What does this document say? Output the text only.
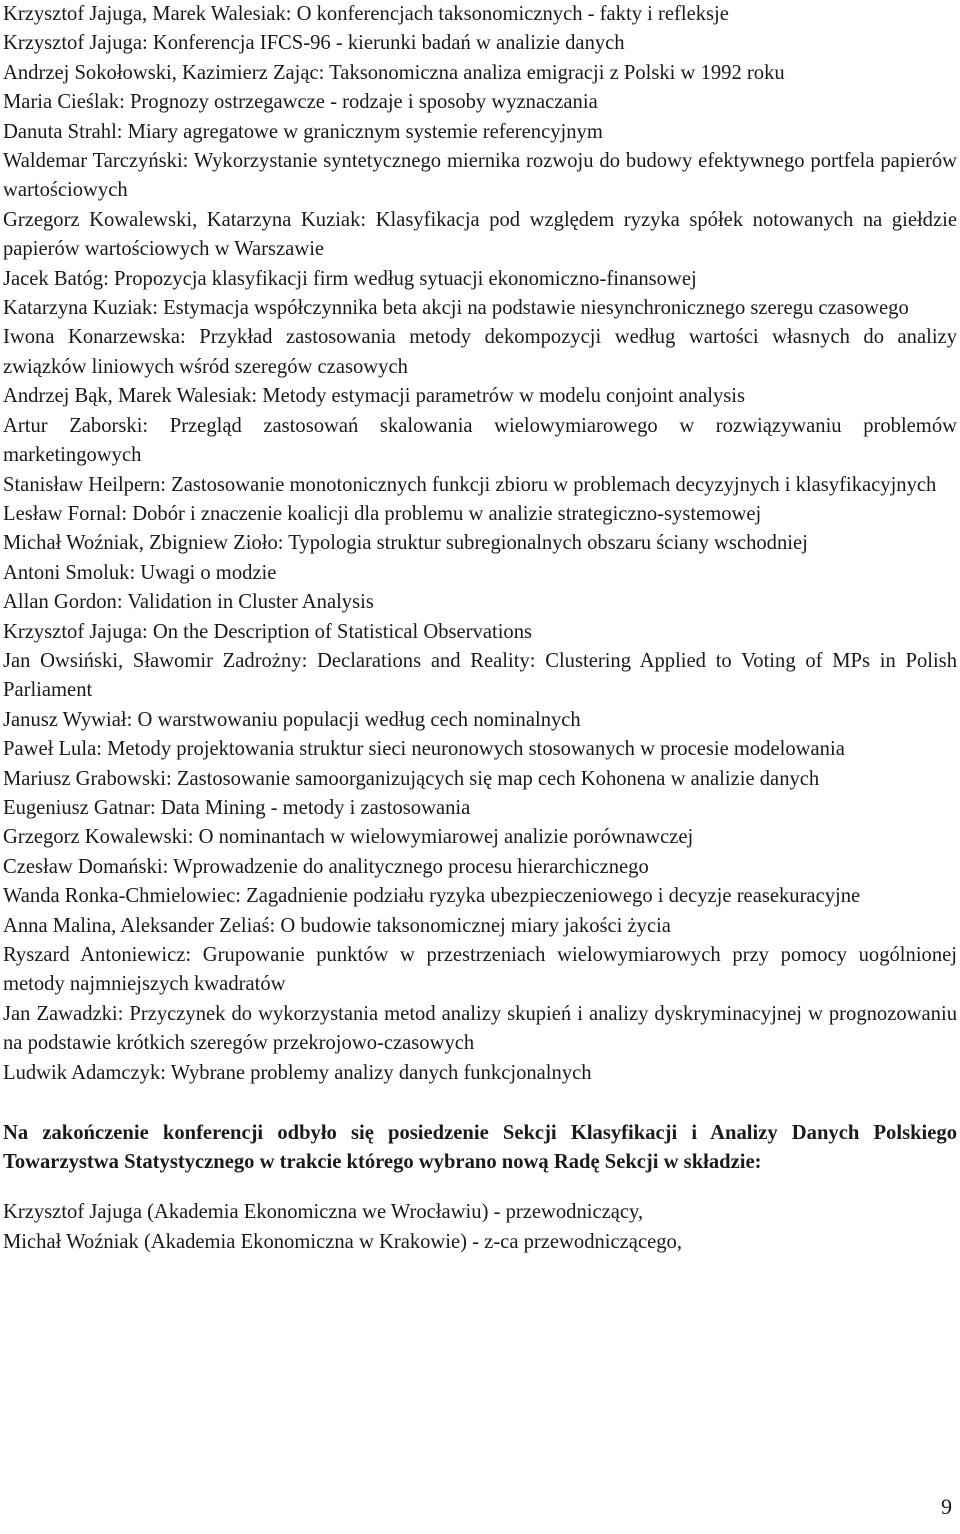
Krzysztof Jajuga, Marek Walesiak: O konferencjach taksonomicznych - fakty i refleksje
Krzysztof Jajuga: Konferencja IFCS-96 - kierunki badań w analizie danych
Andrzej Sokołowski, Kazimierz Zając: Taksonomiczna analiza emigracji z Polski w 1992 roku
Maria Cieślak: Prognozy ostrzegawcze - rodzaje i sposoby wyznaczania
Danuta Strahl: Miary agregatowe w granicznym systemie referencyjnym
Waldemar Tarczyński: Wykorzystanie syntetycznego miernika rozwoju do budowy efektywnego portfela papierów wartościowych
Grzegorz Kowalewski, Katarzyna Kuziak: Klasyfikacja pod względem ryzyka spółek notowanych na giełdzie papierów wartościowych w Warszawie
Jacek Batóg: Propozycja klasyfikacji firm według sytuacji ekonomiczno-finansowej
Katarzyna Kuziak: Estymacja współczynnika beta akcji na podstawie niesynchronicznego szeregu czasowego
Iwona Konarzewska: Przykład zastosowania metody dekompozycji według wartości własnych do analizy związków liniowych wśród szeregów czasowych
Andrzej Bąk, Marek Walesiak: Metody estymacji parametrów w modelu conjoint analysis
Artur Zaborski: Przegląd zastosowań skalowania wielowymiarowego w rozwiązywaniu problemów marketingowych
Stanisław Heilpern: Zastosowanie monotonicznych funkcji zbioru w problemach decyzyjnych i klasyfikacyjnych
Lesław Fornal: Dobór i znaczenie koalicji dla problemu w analizie strategiczno-systemowej
Michał Woźniak, Zbigniew Zioło: Typologia struktur subregionalnych obszaru ściany wschodniej
Antoni Smoluk: Uwagi o modzie
Allan Gordon: Validation in Cluster Analysis
Krzysztof Jajuga: On the Description of Statistical Observations
Jan Owsiński, Sławomir Zadrożny: Declarations and Reality: Clustering Applied to Voting of MPs in Polish Parliament
Janusz Wywiał: O warstwowaniu populacji według cech nominalnych
Paweł Lula: Metody projektowania struktur sieci neuronowych stosowanych w procesie modelowania
Mariusz Grabowski: Zastosowanie samoorganizujących się map cech Kohonena w analizie danych
Eugeniusz Gatnar: Data Mining - metody i zastosowania
Grzegorz Kowalewski: O nominantach w wielowymiarowej analizie porównawczej
Czesław Domański: Wprowadzenie do analitycznego procesu hierarchicznego
Wanda Ronka-Chmielowiec: Zagadnienie podziału ryzyka ubezpieczeniowego i decyzje reasekuracyjne
Anna Malina, Aleksander Zeliaś: O budowie taksonomicznej miary jakości życia
Ryszard Antoniewicz: Grupowanie punktów w przestrzeniach wielowymiarowych przy pomocy uogólnionej metody najmniejszych kwadratów
Jan Zawadzki: Przyczynek do wykorzystania metod analizy skupień i analizy dyskryminacyjnej w prognozowaniu na podstawie krótkich szeregów przekrojowo-czasowych
Ludwik Adamczyk: Wybrane problemy analizy danych funkcjonalnych

Na zakończenie konferencji odbyło się posiedzenie Sekcji Klasyfikacji i Analizy Danych Polskiego Towarzystwa Statystycznego w trakcie którego wybrano nową Radę Sekcji w składzie:

Krzysztof Jajuga (Akademia Ekonomiczna we Wrocławiu) - przewodniczący,
Michał Woźniak (Akademia Ekonomiczna w Krakowie) - z-ca przewodniczącego,
9
